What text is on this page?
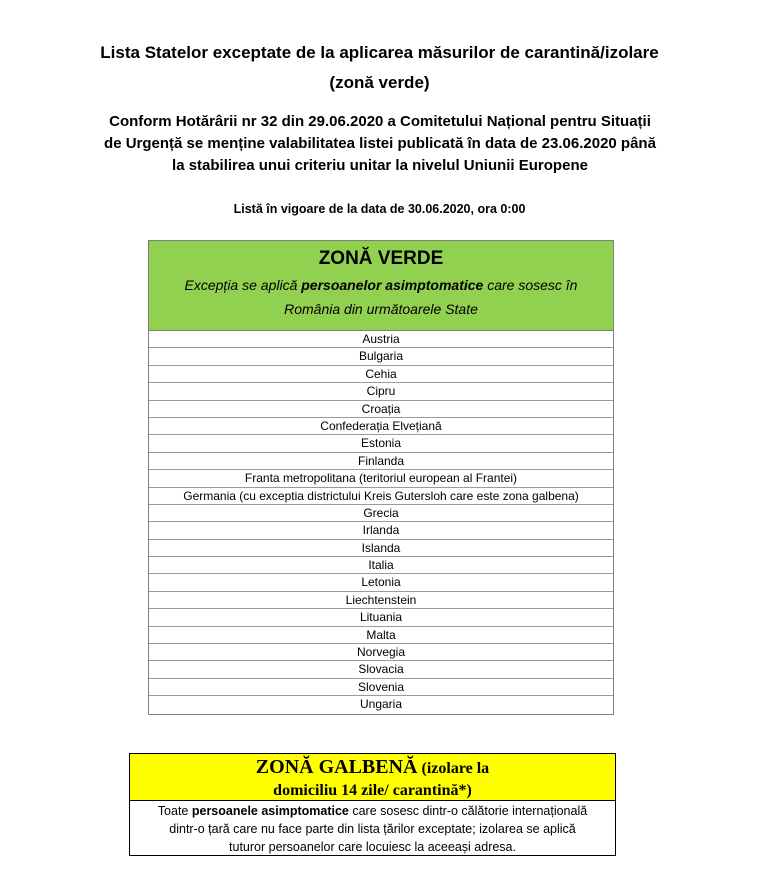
Lista Statelor exceptate de la aplicarea măsurilor de carantină/izolare
(zonă verde)
Conform Hotărârii nr 32 din 29.06.2020 a Comitetului Național pentru Situații
de Urgență se menține valabilitatea listei publicată în data de 23.06.2020 până
la stabilirea unui criteriu unitar la nivelul Uniunii Europene
Listă în vigoare de la data de 30.06.2020, ora 0:00
ZONĂ VERDE
Excepția se aplică persoanelor asimptomatice care sosesc în
România din următoarele State
Austria
Bulgaria
Cehia
Cipru
Croația
Confederația Elvețiană
Estonia
Finlanda
Franta metropolitana (teritoriul european al Frantei)
Germania (cu exceptia districtului Kreis Gutersloh care este zona galbena)
Grecia
Irlanda
Islanda
Italia
Letonia
Liechtenstein
Lituania
Malta
Norvegia
Slovacia
Slovenia
Ungaria
ZONĂ GALBENĂ (izolare la
domiciliu 14 zile/ carantină*)
Toate persoanele asimptomatice care sosesc dintr-o călătorie internațională
dintr-o țară care nu face parte din lista țărilor exceptate; izolarea se aplică
tuturor persoanelor care locuiesc la aceeași adresa.
